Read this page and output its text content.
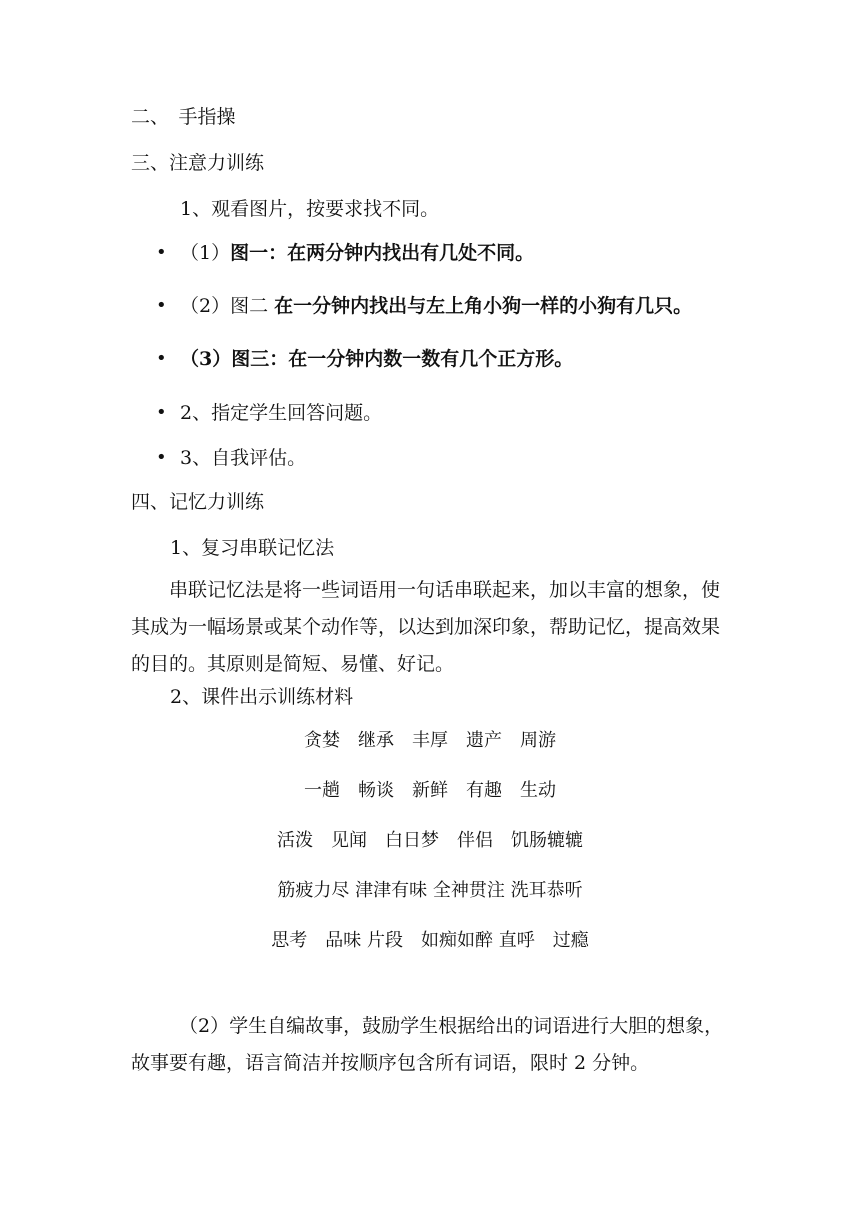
二、　手指操
三、注意力训练
1、观看图片，按要求找不同。
• （1）图一：在两分钟内找出有几处不同。
• （2）图二 在一分钟内找出与左上角小狗一样的小狗有几只。
• （3）图三：在一分钟内数一数有几个正方形。
• 2、指定学生回答问题。
• 3、自我评估。
四、记忆力训练
1、复习串联记忆法
串联记忆法是将一些词语用一句话串联起来，加以丰富的想象，使其成为一幅场景或某个动作等，以达到加深印象，帮助记忆，提高效果的目的。其原则是简短、易懂、好记。
2、课件出示训练材料
贪婪　继承　丰厚　遗产　周游
一趟　畅谈　新鲜　有趣　生动
活泼　见闻　白日梦　伴侣　饥肠辘辘
筋疲力尽 津津有味 全神贯注 洗耳恭听
思考　品味 片段　如痴如醉 直呼　过瘾
（2）学生自编故事，鼓励学生根据给出的词语进行大胆的想象，故事要有趣，语言简洁并按顺序包含所有词语，限时 2 分钟。
